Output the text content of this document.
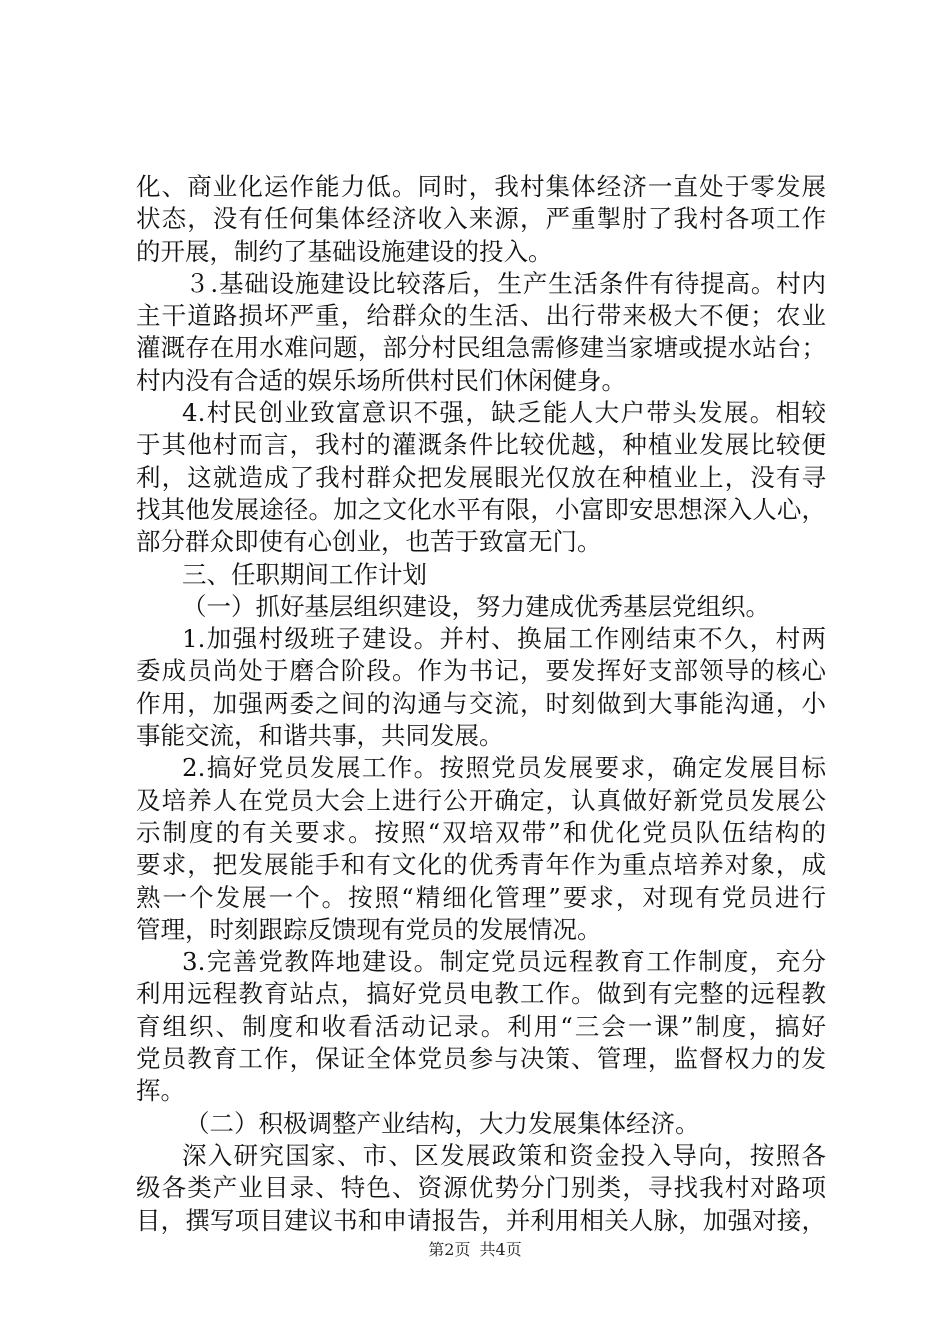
化、商业化运作能力低。同时，我村集体经济一直处于零发展
状态，没有任何集体经济收入来源，严重掣肘了我村各项工作
的开展，制约了基础设施建设的投入。
３.基础设施建设比较落后，生产生活条件有待提高。村内
主干道路损坏严重，给群众的生活、出行带来极大不便；农业
灌溉存在用水难问题，部分村民组急需修建当家塘或提水站台；
村内没有合适的娱乐场所供村民们休闲健身。
4.村民创业致富意识不强，缺乏能人大户带头发展。相较
于其他村而言，我村的灌溉条件比较优越，种植业发展比较便
利，这就造成了我村群众把发展眼光仅放在种植业上，没有寻
找其他发展途径。加之文化水平有限，小富即安思想深入人心，
部分群众即使有心创业，也苦于致富无门。
三、任职期间工作计划
（一）抓好基层组织建设，努力建成优秀基层党组织。
1.加强村级班子建设。并村、换届工作刚结束不久，村两
委成员尚处于磨合阶段。作为书记，要发挥好支部领导的核心
作用，加强两委之间的沟通与交流，时刻做到大事能沟通，小
事能交流，和谐共事，共同发展。
2.搞好党员发展工作。按照党员发展要求，确定发展目标
及培养人在党员大会上进行公开确定，认真做好新党员发展公
示制度的有关要求。按照“双培双带”和优化党员队伍结构的
要求，把发展能手和有文化的优秀青年作为重点培养对象，成
熟一个发展一个。按照“精细化管理”要求，对现有党员进行
管理，时刻跟踪反馈现有党员的发展情况。
3.完善党教阵地建设。制定党员远程教育工作制度，充分
利用远程教育站点，搞好党员电教工作。做到有完整的远程教
育组织、制度和收看活动记录。利用“三会一课”制度，搞好
党员教育工作，保证全体党员参与决策、管理，监督权力的发
挥。
（二）积极调整产业结构，大力发展集体经济。
深入研究国家、市、区发展政策和资金投入导向，按照各
级各类产业目录、特色、资源优势分门别类，寻找我村对路项
目，撰写项目建议书和申请报告，并利用相关人脉，加强对接，
第2页 共4页
